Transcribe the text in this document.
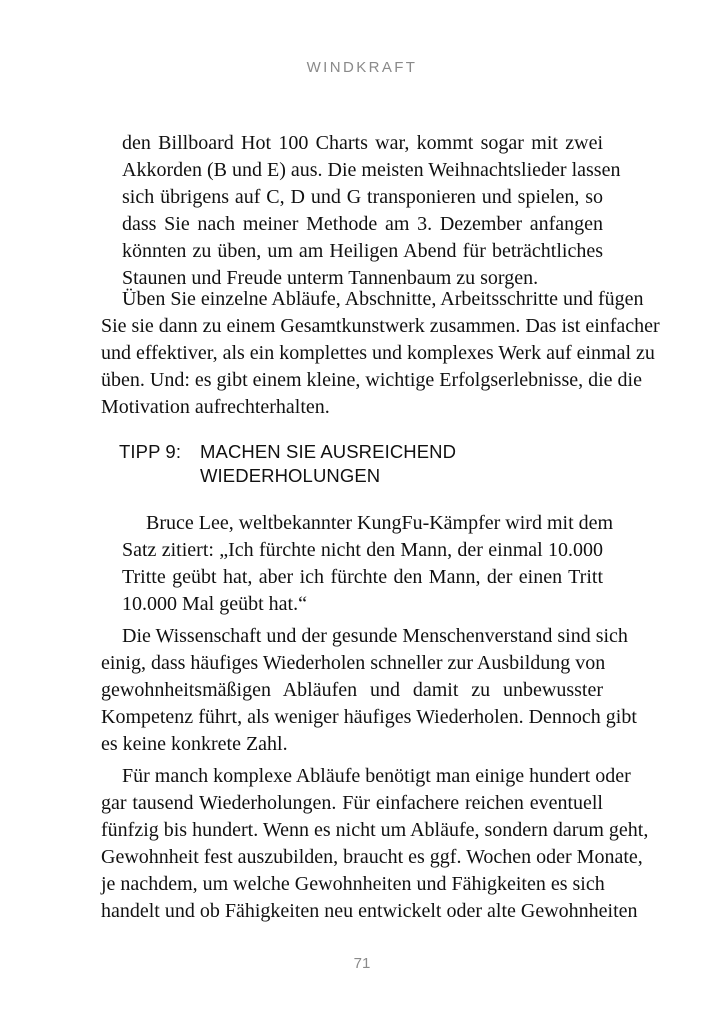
WINDKRAFT
den Billboard Hot 100 Charts war, kommt sogar mit zwei
Akkorden (B und E) aus. Die meisten Weihnachtslieder lassen
sich übrigens auf C, D und G transponieren und spielen, so
dass Sie nach meiner Methode am 3. Dezember anfangen
könnten zu üben, um am Heiligen Abend für beträchtliches
Staunen und Freude unterm Tannenbaum zu sorgen.
Üben Sie einzelne Abläufe, Abschnitte, Arbeitsschritte und fügen
Sie sie dann zu einem Gesamtkunstwerk zusammen. Das ist einfacher
und effektiver, als ein komplettes und komplexes Werk auf einmal zu
üben. Und: es gibt einem kleine, wichtige Erfolgserlebnisse, die die
Motivation aufrechterhalten.
TIPP 9: MACHEN SIE AUSREICHEND
WIEDERHOLUNGEN
Bruce Lee, weltbekannter KungFu-Kämpfer wird mit dem
Satz zitiert: „Ich fürchte nicht den Mann, der einmal 10.000
Tritte geübt hat, aber ich fürchte den Mann, der einen Tritt
10.000 Mal geübt hat.“
Die Wissenschaft und der gesunde Menschenverstand sind sich
einig, dass häufiges Wiederholen schneller zur Ausbildung von
gewohnheitsmäßigen Abläufen und damit zu unbewusster
Kompetenz führt, als weniger häufiges Wiederholen. Dennoch gibt
es keine konkrete Zahl.
Für manch komplexe Abläufe benötigt man einige hundert oder
gar tausend Wiederholungen. Für einfachere reichen eventuell
fünfzig bis hundert. Wenn es nicht um Abläufe, sondern darum geht,
Gewohnheit fest auszubilden, braucht es ggf. Wochen oder Monate,
je nachdem, um welche Gewohnheiten und Fähigkeiten es sich
handelt und ob Fähigkeiten neu entwickelt oder alte Gewohnheiten
71
